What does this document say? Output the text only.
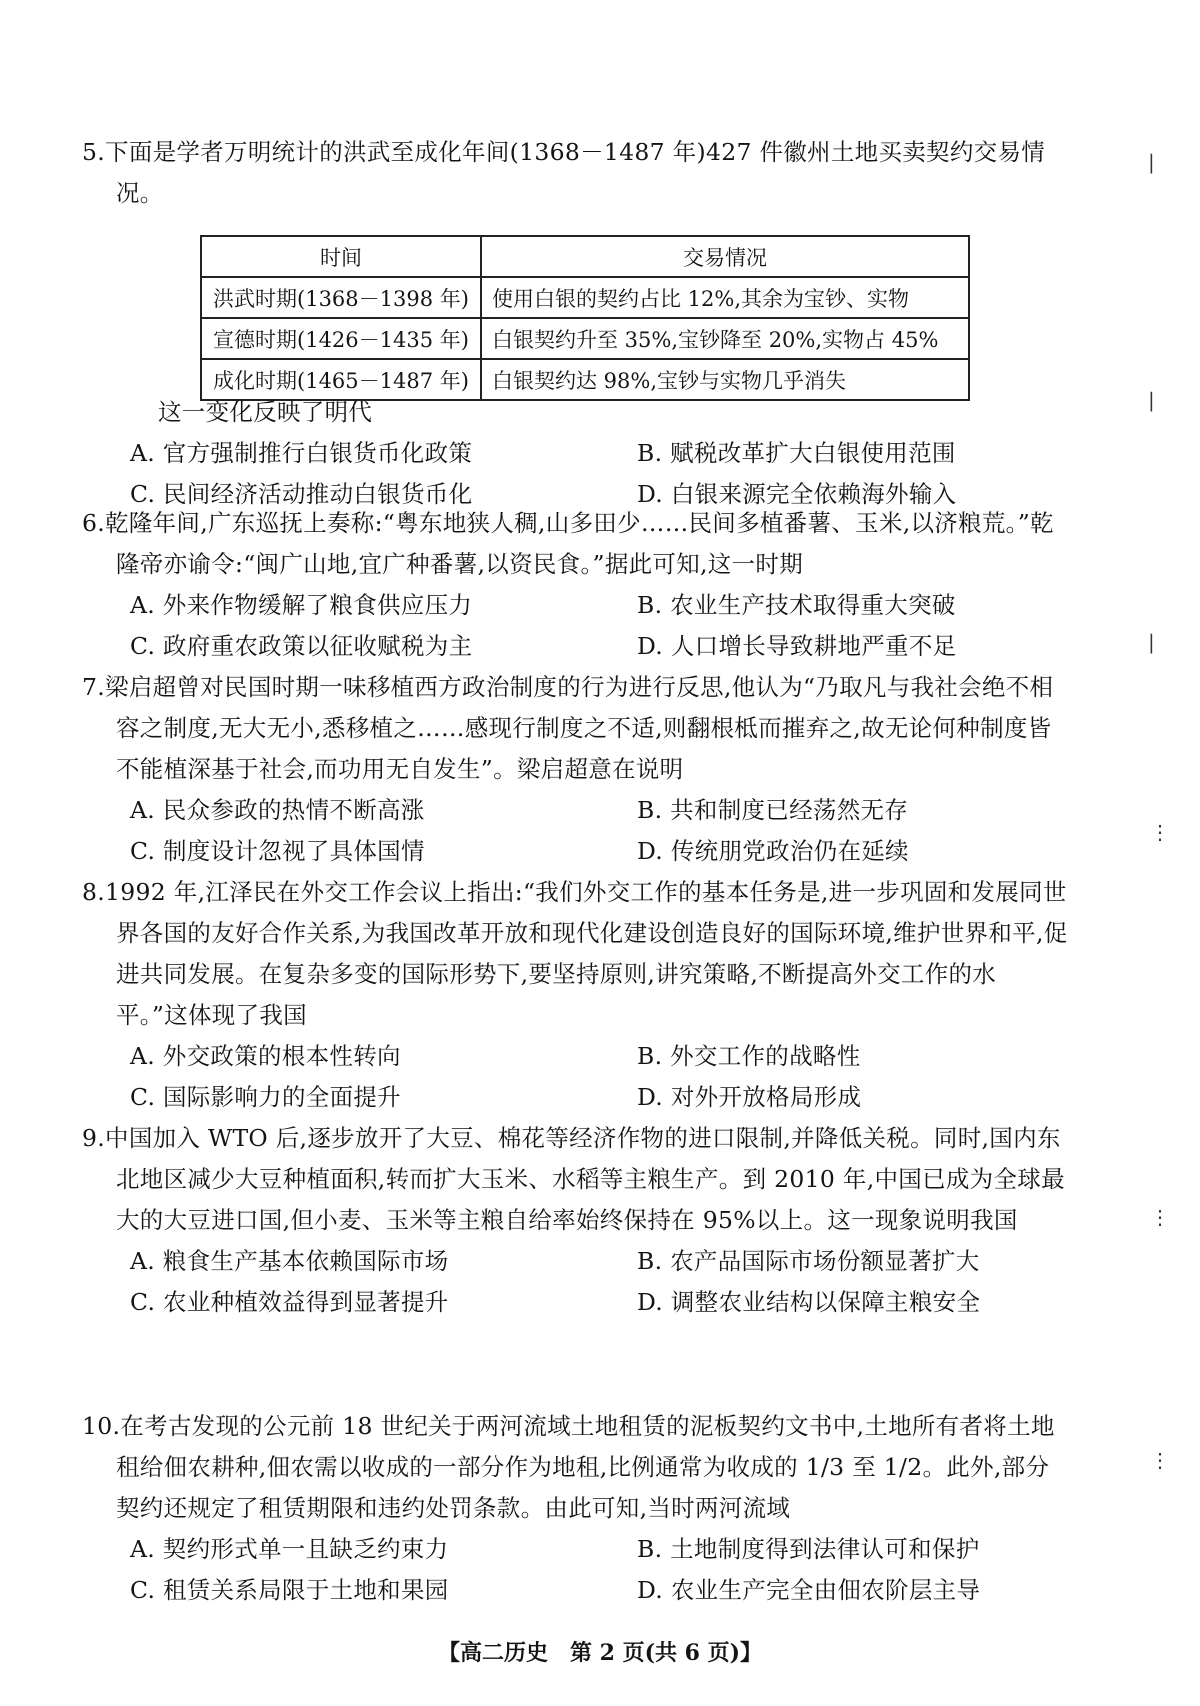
5.下面是学者万明统计的洪武至成化年间(1368－1487 年)427 件徽州土地买卖契约交易情况。
时间	交易情况
洪武时期(1368－1398 年)	使用白银的契约占比 12%,其余为宝钞、实物
宣德时期(1426－1435 年)	白银契约升至 35%,宝钞降至 20%,实物占 45%
成化时期(1465－1487 年)	白银契约达 98%,宝钞与实物几乎消失
这一变化反映了明代
A. 官方强制推行白银货币化政策	B. 赋税改革扩大白银使用范围
C. 民间经济活动推动白银货币化	D. 白银来源完全依赖海外输入
6.乾隆年间,广东巡抚上奏称:“粤东地狭人稠,山多田少……民间多植番薯、玉米,以济粮荒。”乾隆帝亦谕令:“闽广山地,宜广种番薯,以资民食。”据此可知,这一时期
A. 外来作物缓解了粮食供应压力	B. 农业生产技术取得重大突破
C. 政府重农政策以征收赋税为主	D. 人口增长导致耕地严重不足
7.梁启超曾对民国时期一味移植西方政治制度的行为进行反思,他认为“乃取凡与我社会绝不相容之制度,无大无小,悉移植之……感现行制度之不适,则翻根柢而摧弃之,故无论何种制度皆不能植深基于社会,而功用无自发生”。梁启超意在说明
A. 民众参政的热情不断高涨	B. 共和制度已经荡然无存
C. 制度设计忽视了具体国情	D. 传统朋党政治仍在延续
8.1992 年,江泽民在外交工作会议上指出:“我们外交工作的基本任务是,进一步巩固和发展同世界各国的友好合作关系,为我国改革开放和现代化建设创造良好的国际环境,维护世界和平,促进共同发展。在复杂多变的国际形势下,要坚持原则,讲究策略,不断提高外交工作的水平。”这体现了我国
A. 外交政策的根本性转向	B. 外交工作的战略性
C. 国际影响力的全面提升	D. 对外开放格局形成
9.中国加入 WTO 后,逐步放开了大豆、棉花等经济作物的进口限制,并降低关税。同时,国内东北地区减少大豆种植面积,转而扩大玉米、水稻等主粮生产。到 2010 年,中国已成为全球最大的大豆进口国,但小麦、玉米等主粮自给率始终保持在 95%以上。这一现象说明我国
A. 粮食生产基本依赖国际市场	B. 农产品国际市场份额显著扩大
C. 农业种植效益得到显著提升	D. 调整农业结构以保障主粮安全
10.在考古发现的公元前 18 世纪关于两河流域土地租赁的泥板契约文书中,土地所有者将土地租给佃农耕种,佃农需以收成的一部分作为地租,比例通常为收成的 1/3 至 1/2。此外,部分契约还规定了租赁期限和违约处罚条款。由此可知,当时两河流域
A. 契约形式单一且缺乏约束力	B. 土地制度得到法律认可和保护
C. 租赁关系局限于土地和果园	D. 农业生产完全由佃农阶层主导
|
|
|
⋮
⋮
⋮
【高二历史　第 2 页(共 6 页)】
